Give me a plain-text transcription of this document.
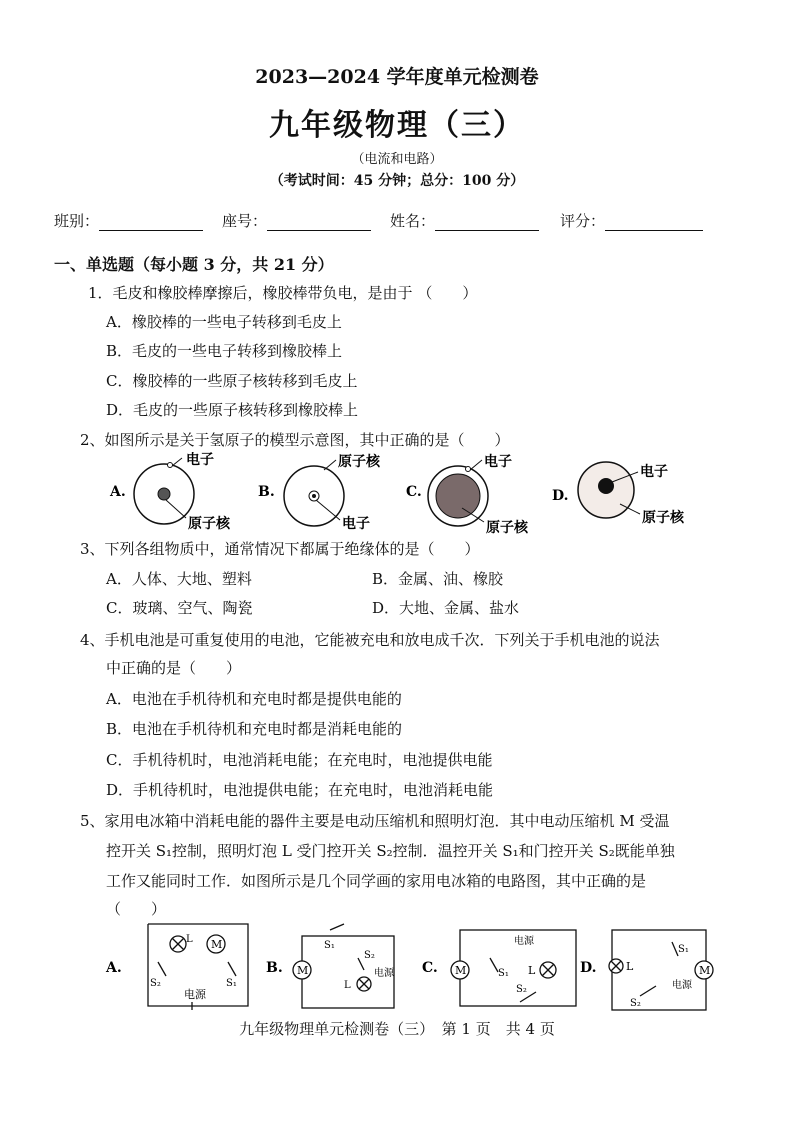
2023—2024 学年度单元检测卷
九年级物理（三）
（电流和电路）
（考试时间：45 分钟；总分：100 分）
班别：	座号：	姓名：	评分：
一、单选题（每小题 3 分，共 21 分）
1．毛皮和橡胶棒摩擦后，橡胶棒带负电，是由于 （　　）
A．橡胶棒的一些电子转移到毛皮上
B．毛皮的一些电子转移到橡胶棒上
C．橡胶棒的一些原子核转移到毛皮上
D．毛皮的一些原子核转移到橡胶棒上
2、如图所示是关于氢原子的模型示意图，其中正确的是（　　）
A.
电子
原子核
B.
原子核
电子
C.
电子
原子核
D.
电子
原子核
3、下列各组物质中，通常情况下都属于绝缘体的是（　　）
A．人体、大地、塑料	B．金属、油、橡胶
C．玻璃、空气、陶瓷	D．大地、金属、盐水
4、手机电池是可重复使用的电池，它能被充电和放电成千次．下列关于手机电池的说法
中正确的是（　　）
A．电池在手机待机和充电时都是提供电能的
B．电池在手机待机和充电时都是消耗电能的
C．手机待机时，电池消耗电能；在充电时，电池提供电能
D．手机待机时，电池提供电能；在充电时，电池消耗电能
5、家用电冰箱中消耗电能的器件主要是电动压缩机和照明灯泡．其中电动压缩机 M 受温
控开关 S₁控制，照明灯泡 L 受门控开关 S₂控制．温控开关 S₁和门控开关 S₂既能单独
工作又能同时工作．如图所示是几个同学画的家用电冰箱的电路图，其中正确的是
（　　）
A.
L M
S₂	S₁
电源
B. M
S₁
S₂
L
电源 C. M
电源
S₁ L
S₂
D.	L
S₁
M
电源
S₂
九年级物理单元检测卷（三）　第 1 页　共 4 页
